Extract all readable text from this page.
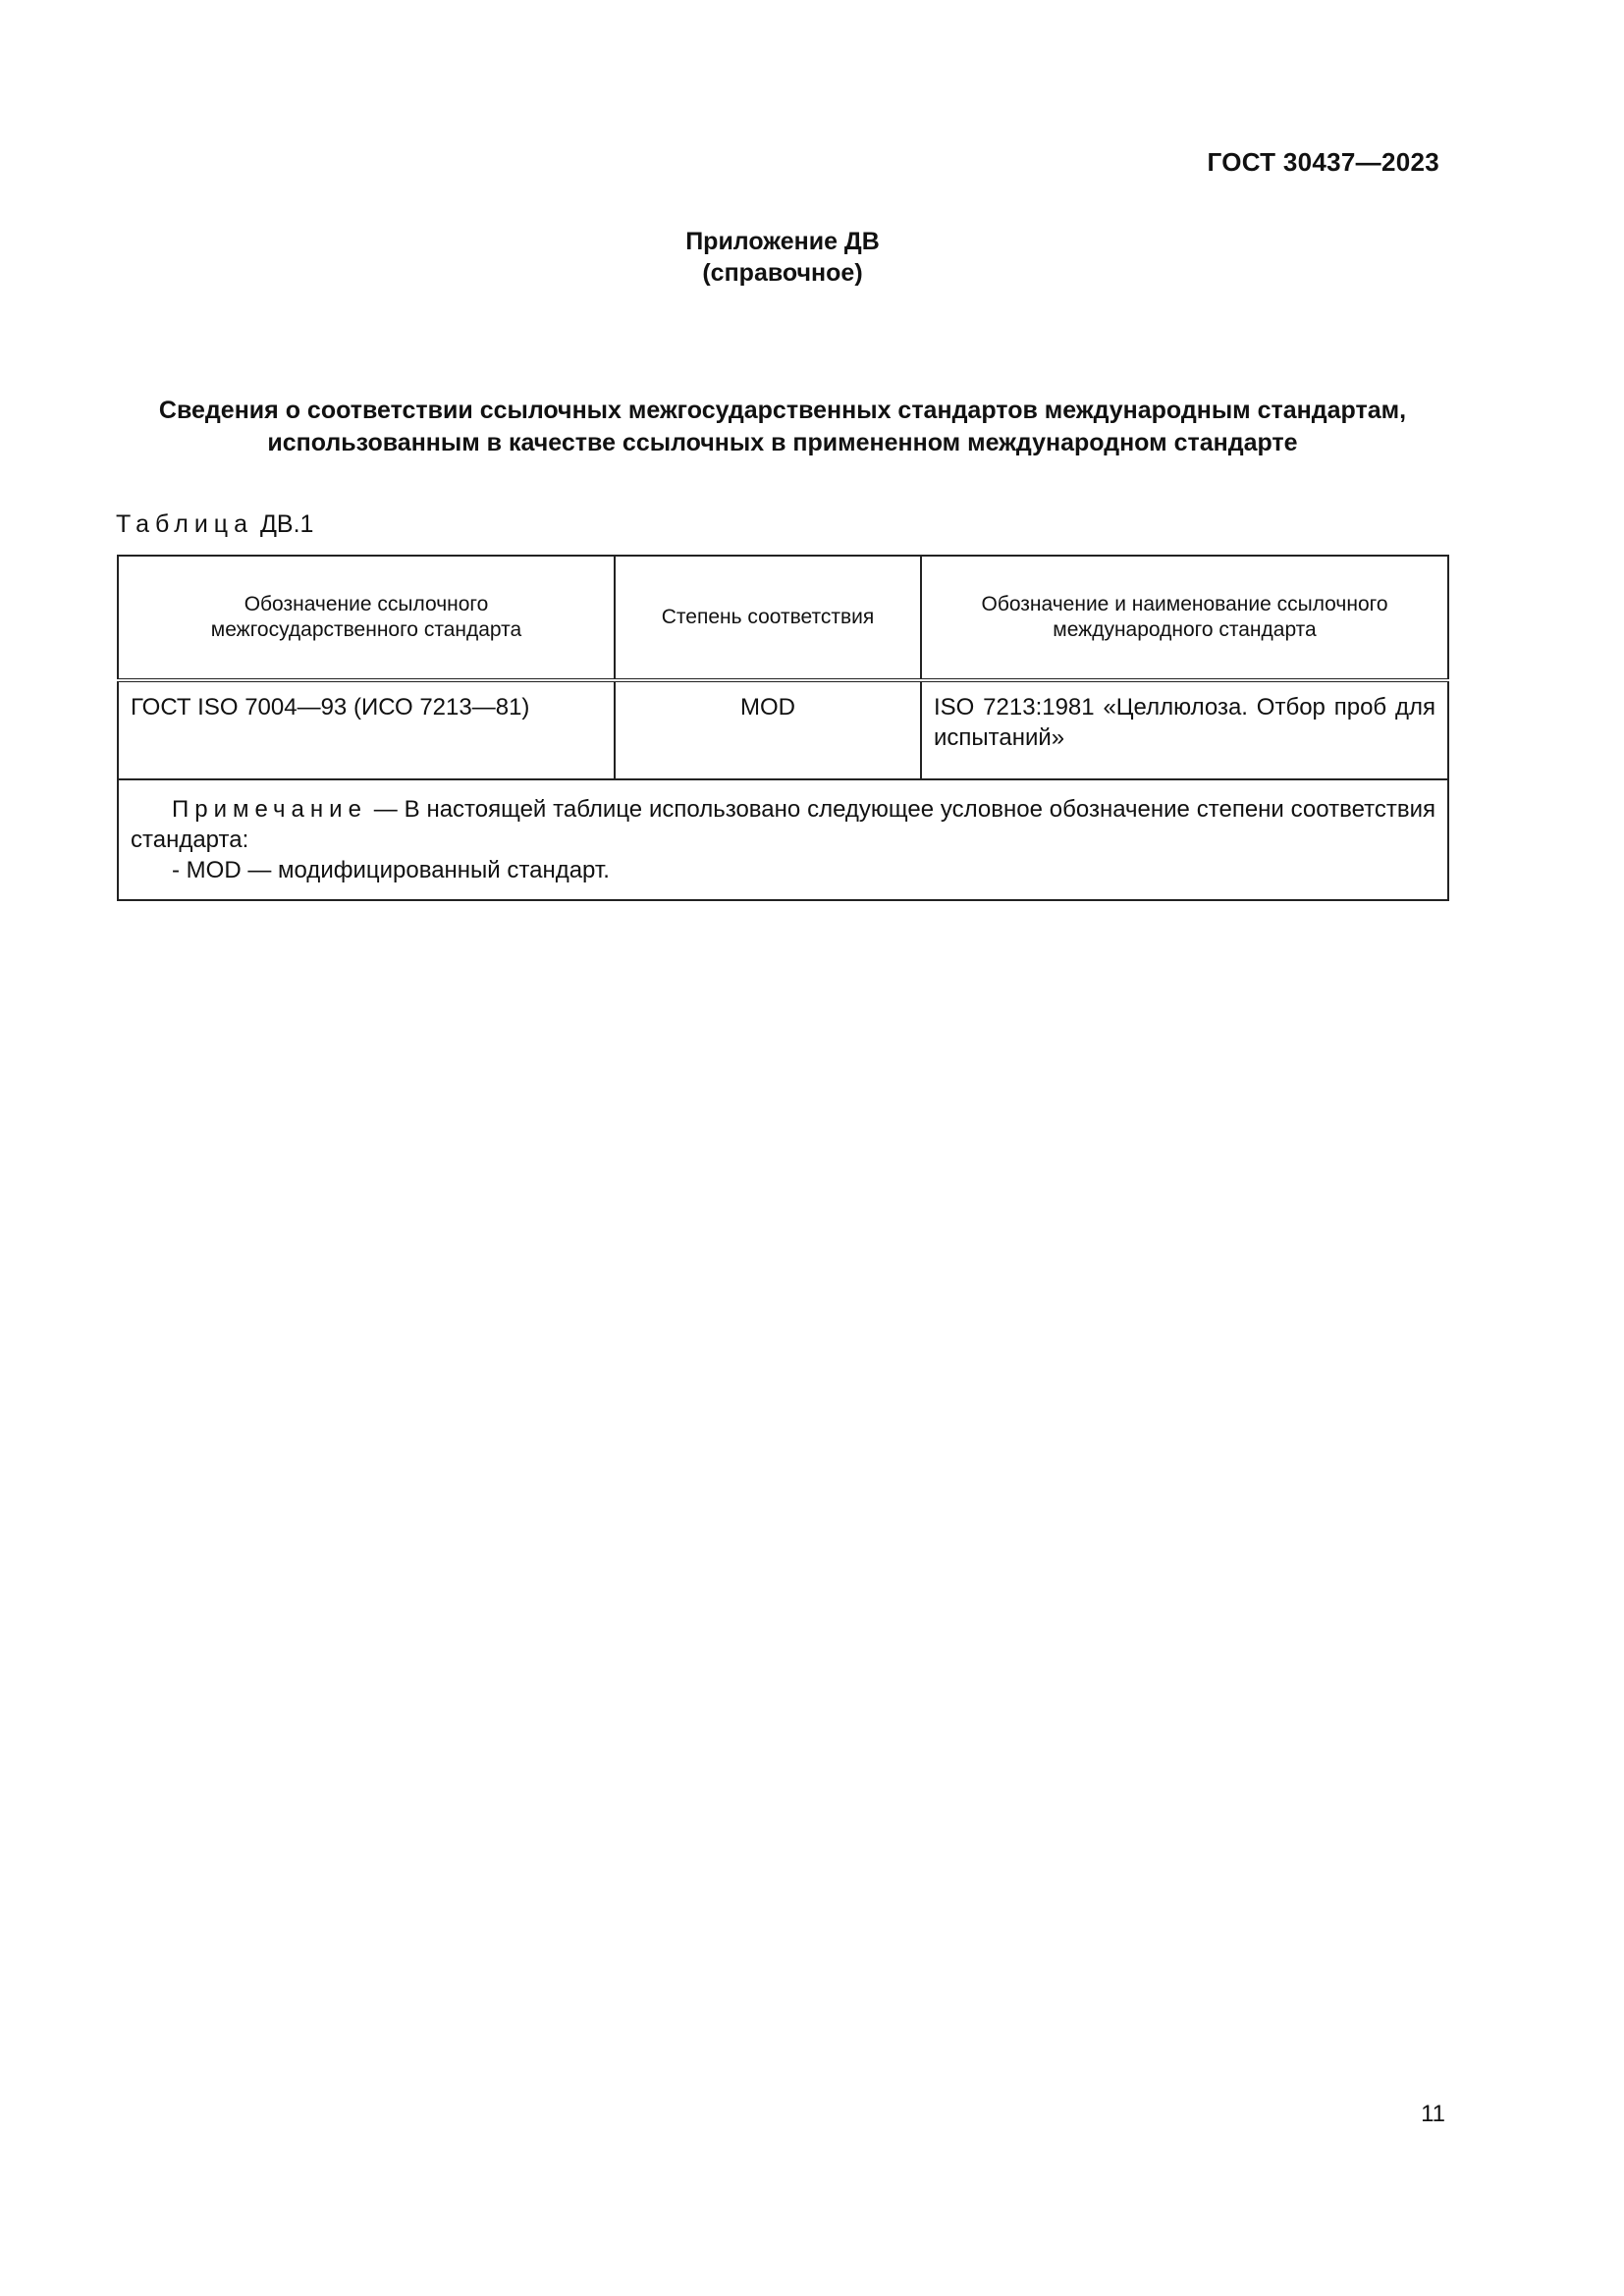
ГОСТ 30437—2023
Приложение ДВ
(справочное)
Сведения о соответствии ссылочных межгосударственных стандартов международным стандартам,
использованным в качестве ссылочных в примененном международном стандарте
Таблица ДВ.1
Обозначение ссылочного межгосударственного стандарта	Степень соответствия	Обозначение и наименование ссылочного международного стандарта
ГОСТ ISO 7004—93 (ИСО 7213—81)	MOD	ISO 7213:1981 «Целлюлоза. Отбор проб для испытаний»

Примечание — В настоящей таблице использовано следующее условное обозначение степени соответствия стандарта:
- MOD — модифицированный стандарт.		
11
